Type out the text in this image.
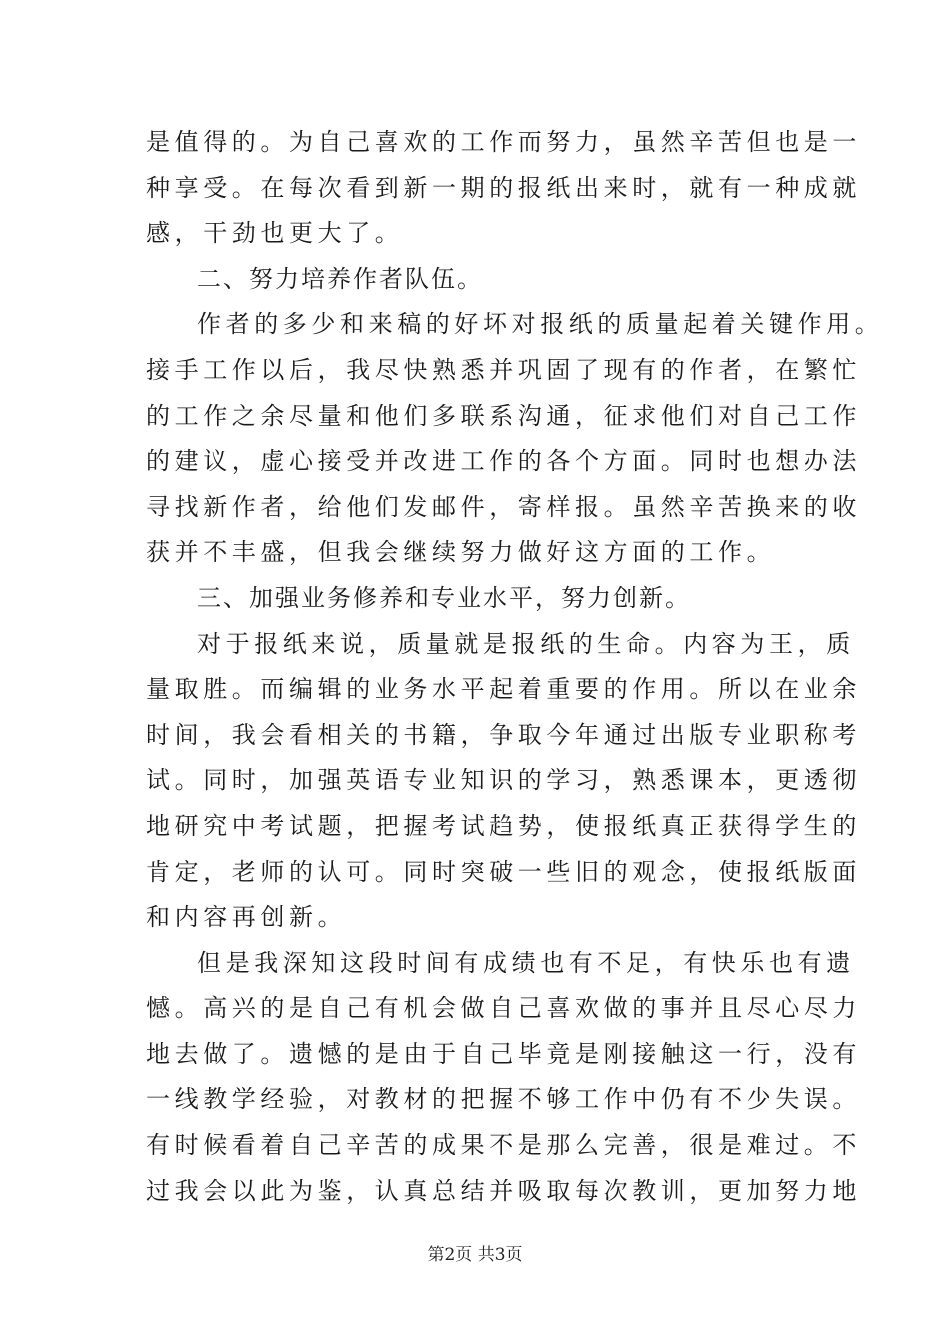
是值得的。为自己喜欢的工作而努力，虽然辛苦但也是一
种享受。在每次看到新一期的报纸出来时，就有一种成就
感，干劲也更大了。
二、努力培养作者队伍。
作者的多少和来稿的好坏对报纸的质量起着关键作用。
接手工作以后，我尽快熟悉并巩固了现有的作者，在繁忙
的工作之余尽量和他们多联系沟通，征求他们对自己工作
的建议，虚心接受并改进工作的各个方面。同时也想办法
寻找新作者，给他们发邮件，寄样报。虽然辛苦换来的收
获并不丰盛，但我会继续努力做好这方面的工作。
三、加强业务修养和专业水平，努力创新。
对于报纸来说，质量就是报纸的生命。内容为王，质
量取胜。而编辑的业务水平起着重要的作用。所以在业余
时间，我会看相关的书籍，争取今年通过出版专业职称考
试。同时，加强英语专业知识的学习，熟悉课本，更透彻
地研究中考试题，把握考试趋势，使报纸真正获得学生的
肯定，老师的认可。同时突破一些旧的观念，使报纸版面
和内容再创新。
但是我深知这段时间有成绩也有不足，有快乐也有遗
憾。高兴的是自己有机会做自己喜欢做的事并且尽心尽力
地去做了。遗憾的是由于自己毕竟是刚接触这一行，没有
一线教学经验，对教材的把握不够工作中仍有不少失误。
有时候看着自己辛苦的成果不是那么完善，很是难过。不
过我会以此为鉴，认真总结并吸取每次教训，更加努力地
第2页 共3页
